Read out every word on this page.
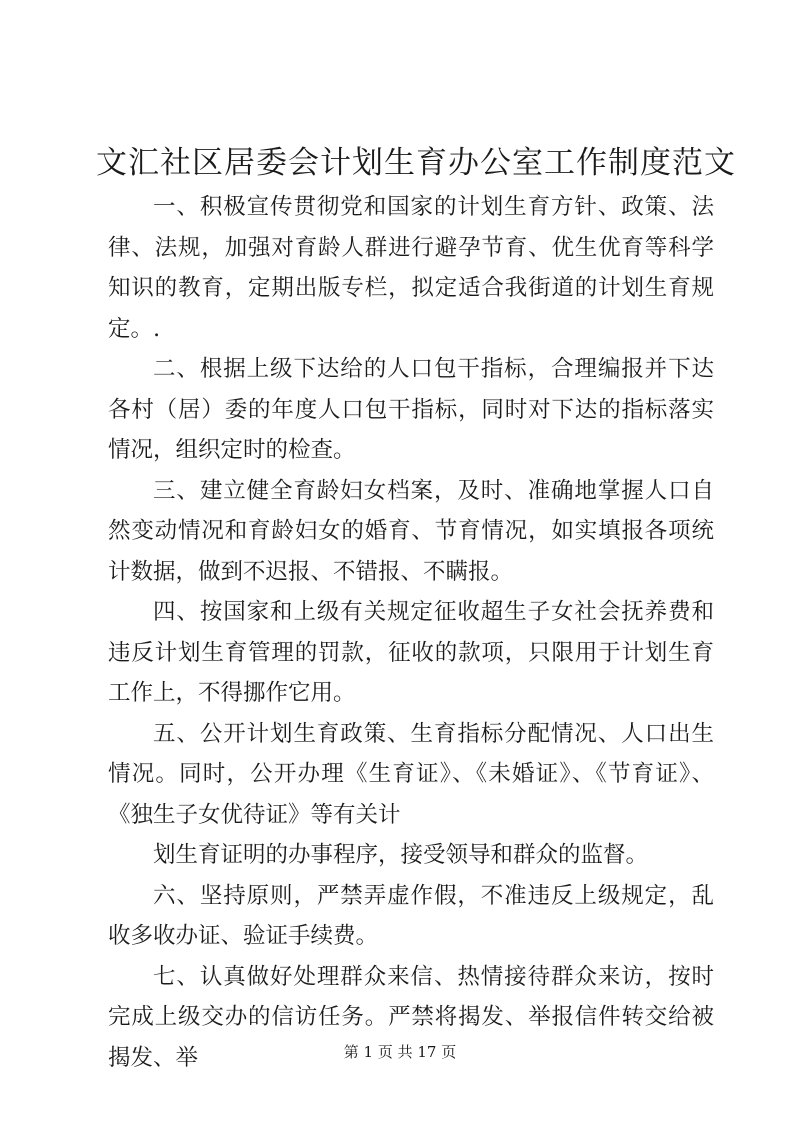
文汇社区居委会计划生育办公室工作制度范文

一、积极宣传贯彻党和国家的计划生育方针、政策、法律、法规，加强对育龄人群进行避孕节育、优生优育等科学知识的教育，定期出版专栏，拟定适合我街道的计划生育规定。.

二、根据上级下达给的人口包干指标，合理编报并下达各村（居）委的年度人口包干指标，同时对下达的指标落实情况，组织定时的检查。

三、建立健全育龄妇女档案，及时、准确地掌握人口自然变动情况和育龄妇女的婚育、节育情况，如实填报各项统计数据，做到不迟报、不错报、不瞒报。

四、按国家和上级有关规定征收超生子女社会抚养费和违反计划生育管理的罚款，征收的款项，只限用于计划生育工作上，不得挪作它用。

五、公开计划生育政策、生育指标分配情况、人口出生情况。同时，公开办理《生育证》、《未婚证》、《节育证》、《独生子女优待证》等有关计

划生育证明的办事程序，接受领导和群众的监督。

六、坚持原则，严禁弄虚作假，不准违反上级规定，乱收多收办证、验证手续费。

七、认真做好处理群众来信、热情接待群众来访，按时完成上级交办的信访任务。严禁将揭发、举报信件转交给被揭发、举	第 1 页 共 17 页
